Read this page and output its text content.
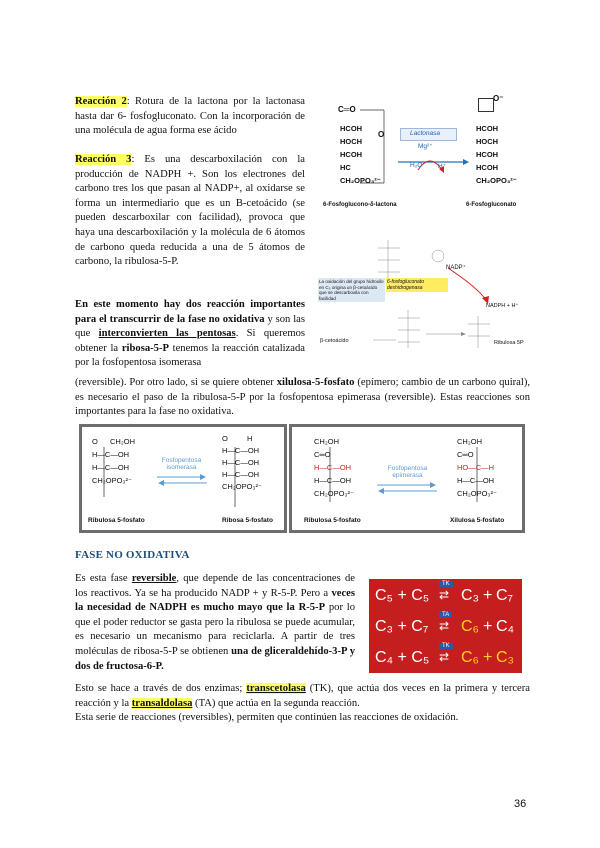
Reacción 2: Rotura de la lactona por la lactonasa hasta dar 6- fosfogluconato. Con la incorporación de una molécula de agua forma ese ácido
Reacción 3: Es una descarboxilación con la producción de NADPH +. Son los electrones del carbono tres los que pasan al NADP+, al oxidarse se forma un intermediario que es un B-cetoácido (se pueden descarboxilar con facilidad), provoca que haya una descarboxilación y la molécula de 6 átomos de carbono queda reducida a una de 5 átomos de carbono, la ribulosa-5-P.
En este momento hay dos reacción importantes para el transcurrir de la fase no oxidativa y son las que interconvierten las pentosas. Si queremos obtener la ribosa-5-P tenemos la reacción catalizada por la fosfopentosa isomerasa
(reversible). Por otro lado, si se quiere obtener xilulosa-5-fosfato (epímero; cambio de un carbono quiral), es necesario el paso de la ribulosa-5-P por la fosfopentosa epimerasa (reversible). Estas reacciones son importantes para la fase no oxidativa.
C═O
HCOH
HOCH
HCOH
HC
CH₂OPO₃²⁻
O
Mg²⁺
Lactonasa
H₂O H⁺
O⁻
HCOH
HOCH
HCOH
HCOH
CH₂OPO₃²⁻
6-Fosfoglucono-δ-lactona	6-Fosfogluconato
NADP⁺
La oxidación del grupo hidroxilo en C₃ origina un β-cetoácido que se descarboxila con facilidad
6-fosfogluconato deshidrogenasa
NADPH + H⁺
β-cetoácido	Ribulosa 5P
O	CH₂OH
H—C—OH
H—C—OH
CH₂OPO₃²⁻
Fosfopentosa isomerasa
O	H
H—C—OH
H—C—OH
H—C—OH
CH₂OPO₃²⁻
Ribulosa 5-fosfato	Ribosa 5-fosfato
CH₂OH
C═O
H—C—OH
H—C—OH
CH₂OPO₃²⁻
Fosfopentosa epimerasa
CH₂OH
C═O
HO—C—H
H—C—OH
CH₂OPO₃²⁻
Ribulosa 5-fosfato	Xilulosa 5-fosfato
FASE NO OXIDATIVA
Es esta fase reversible, que depende de las concentraciones de los reactivos. Ya se ha producido NADP + y R-5-P. Pero a veces la necesidad de NADPH es mucho mayo que la R-5-P por lo que el poder reductor se gasta pero la ribulosa se puede acumular, es necesario un mecanismo para reciclarla. A partir de tres moléculas de ribosa-5-P se obtienen una de gliceraldehído-3-P y dos de fructosa-6-P.
C₅ + C₅
TK
⇄ C₃ + C₇
C₃ + C₇
TA
⇄ C₆ + C₄
C₄ + C₅
TK
⇄ C₆ + C₃
Esto se hace a través de dos enzimas; transcetolasa (TK), que actúa dos veces en la primera y tercera reacción y la transaldolasa (TA) que actúa en la segunda reacción.
Esta serie de reacciones (reversibles), permiten que continúen las reacciones de oxidación.
36
